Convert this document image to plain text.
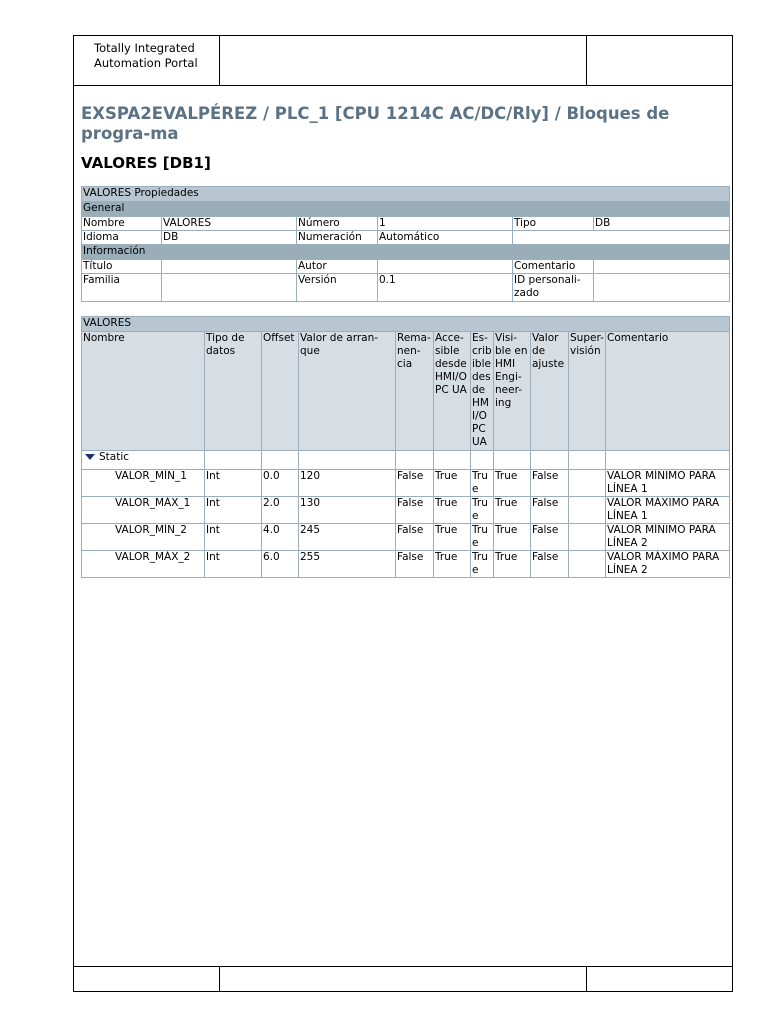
Totally Integrated
Automation Portal
EXSPA2EVALPÉREZ / PLC_1 [CPU 1214C AC/DC/Rly] / Bloques de progra-ma
VALORES [DB1]
VALORES Propiedades					
General					
Nombre	VALORES	Número	1	Tipo	DB
Idioma	DB	Numeración	Automático		
Información					
Título		Autor		Comentario	
Familia		Versión	0.1	ID personali-zado	
VALORES										
Nombre	Tipo de datos	Offset	Valor de arran-que	Rema-nen-cia	Acce-sible desde HMI/O PC UA	Es-crib ible des de HM I/O PC UA	Visi-ble en HMI Engi-neer-ing	Valor de ajuste	Super-visión	Comentario
Static										
VALOR_MÍN_1	Int	0.0	120	False	True	Tru e	True	False		VALOR MÍNIMO PARA LÍNEA 1
VALOR_MÁX_1	Int	2.0	130	False	True	Tru e	True	False		VALOR MÁXIMO PARA LÍNEA 1
VALOR_MÍN_2	Int	4.0	245	False	True	Tru e	True	False		VALOR MÍNIMO PARA LÍNEA 2
VALOR_MÁX_2	Int	6.0	255	False	True	Tru e	True	False		VALOR MÁXIMO PARA LÍNEA 2
